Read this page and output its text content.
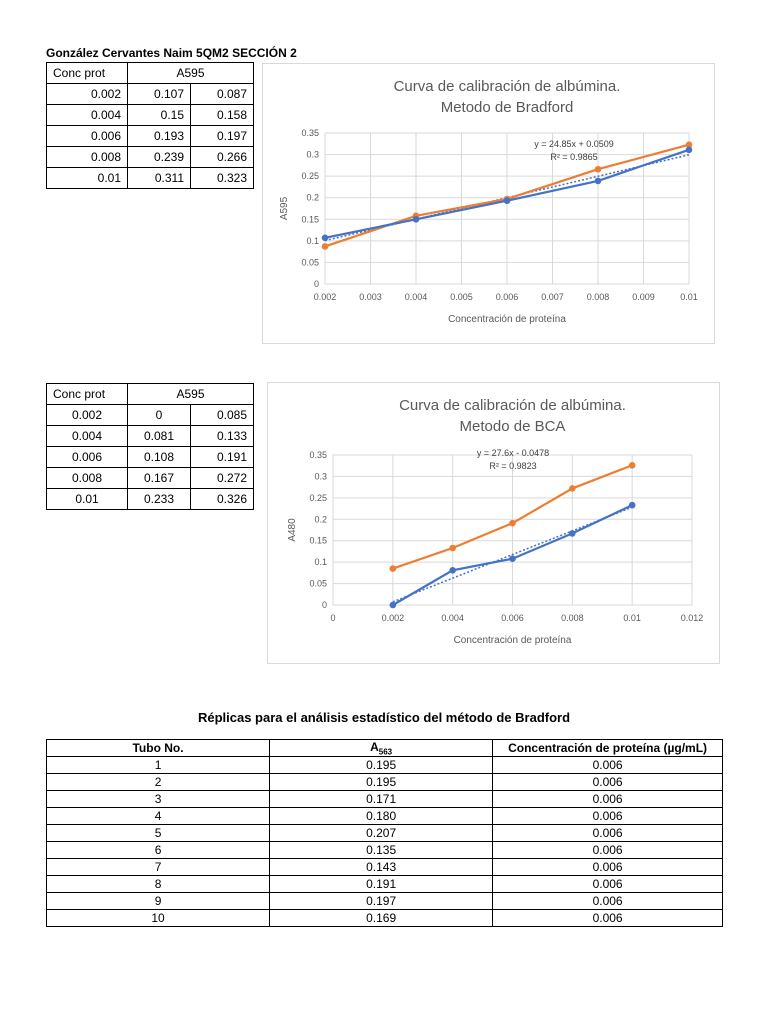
González Cervantes Naim 5QM2 SECCIÓN 2
Conc prot	A595	
0.002	0.107	0.087
0.004	0.15	0.158
0.006	0.193	0.197
0.008	0.239	0.266
0.01	0.311	0.323
Curva de calibración de albúmina.
Metodo de Bradford
0
0.05
0.1
0.15
0.2
0.25
0.3
0.35
0.002	0.003	0.004	0.005	0.006	0.007	0.008	0.009	0.01
Concentración de proteína
A595
y = 24.85x + 0.0509
R² = 0.9865
Conc prot	A595	
0.002	0	0.085
0.004	0.081	0.133
0.006	0.108	0.191
0.008	0.167	0.272
0.01	0.233	0.326
Curva de calibración de albúmina.
Metodo de BCA
0
0.05
0.1
0.15
0.2
0.25
0.3
0.35
0	0.002	0.004	0.006	0.008	0.01	0.012
Concentración de proteína
A480
y = 27.6x - 0.0478
R² = 0.9823
Réplicas para el análisis estadístico del método de Bradford
Tubo No.	$A_{563}$	Concentración de proteína (µg/mL)
1	0.195	0.006
2	0.195	0.006
3	0.171	0.006
4	0.180	0.006
5	0.207	0.006
6	0.135	0.006
7	0.143	0.006
8	0.191	0.006
9	0.197	0.006
10	0.169	0.006
